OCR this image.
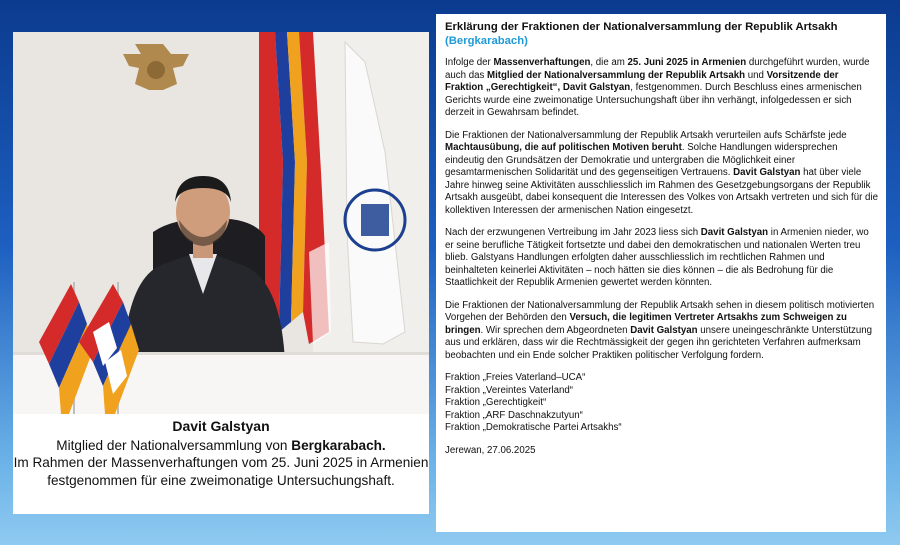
Davit Galstyan
Mitglied der Nationalversammlung von Bergkarabach.
Im Rahmen der Massenverhaftungen vom 25. Juni 2025 in Armenien festgenommen für eine zweimonatige Untersuchungshaft.
Erklärung der Fraktionen der Nationalversammlung der Republik Artsakh (Bergkarabach)

Infolge der Massenverhaftungen, die am 25. Juni 2025 in Armenien durchgeführt wurden, wurde auch das Mitglied der Nationalversammlung der Republik Artsakh und Vorsitzende der Fraktion „Gerechtigkeit“, Davit Galstyan, festgenommen. Durch Beschluss eines armenischen Gerichts wurde eine zweimonatige Untersuchungshaft über ihn verhängt, infolgedessen er sich derzeit in Gewahrsam befindet.

Die Fraktionen der Nationalversammlung der Republik Artsakh verurteilen aufs Schärfste jede Machtausübung, die auf politischen Motiven beruht. Solche Handlungen widersprechen eindeutig den Grundsätzen der Demokratie und untergraben die Möglichkeit einer gesamtarmenischen Solidarität und des gegenseitigen Vertrauens. Davit Galstyan hat über viele Jahre hinweg seine Aktivitäten ausschliesslich im Rahmen des Gesetzgebungsorgans der Republik Artsakh ausgeübt, dabei konsequent die Interessen des Volkes von Artsakh vertreten und sich für die kollektiven Interessen der armenischen Nation eingesetzt.

Nach der erzwungenen Vertreibung im Jahr 2023 liess sich Davit Galstyan in Armenien nieder, wo er seine berufliche Tätigkeit fortsetzte und dabei den demokratischen und nationalen Werten treu blieb. Galstyans Handlungen erfolgten daher ausschliesslich im rechtlichen Rahmen und beinhalteten keinerlei Aktivitäten – noch hätten sie dies können – die als Bedrohung für die Staatlichkeit der Republik Armenien gewertet werden könnten.

Die Fraktionen der Nationalversammlung der Republik Artsakh sehen in diesem politisch motivierten Vorgehen der Behörden den Versuch, die legitimen Vertreter Artsakhs zum Schweigen zu bringen. Wir sprechen dem Abgeordneten Davit Galstyan unsere uneingeschränkte Unterstützung aus und erklären, dass wir die Rechtmässigkeit der gegen ihn gerichteten Verfahren aufmerksam beobachten und ein Ende solcher Praktiken politischer Verfolgung fordern.

Fraktion „Freies Vaterland–UCA“
Fraktion „Vereintes Vaterland“
Fraktion „Gerechtigkeit“
Fraktion „ARF Daschnakzutyun“
Fraktion „Demokratische Partei Artsakhs“
Jerewan, 27.06.2025
